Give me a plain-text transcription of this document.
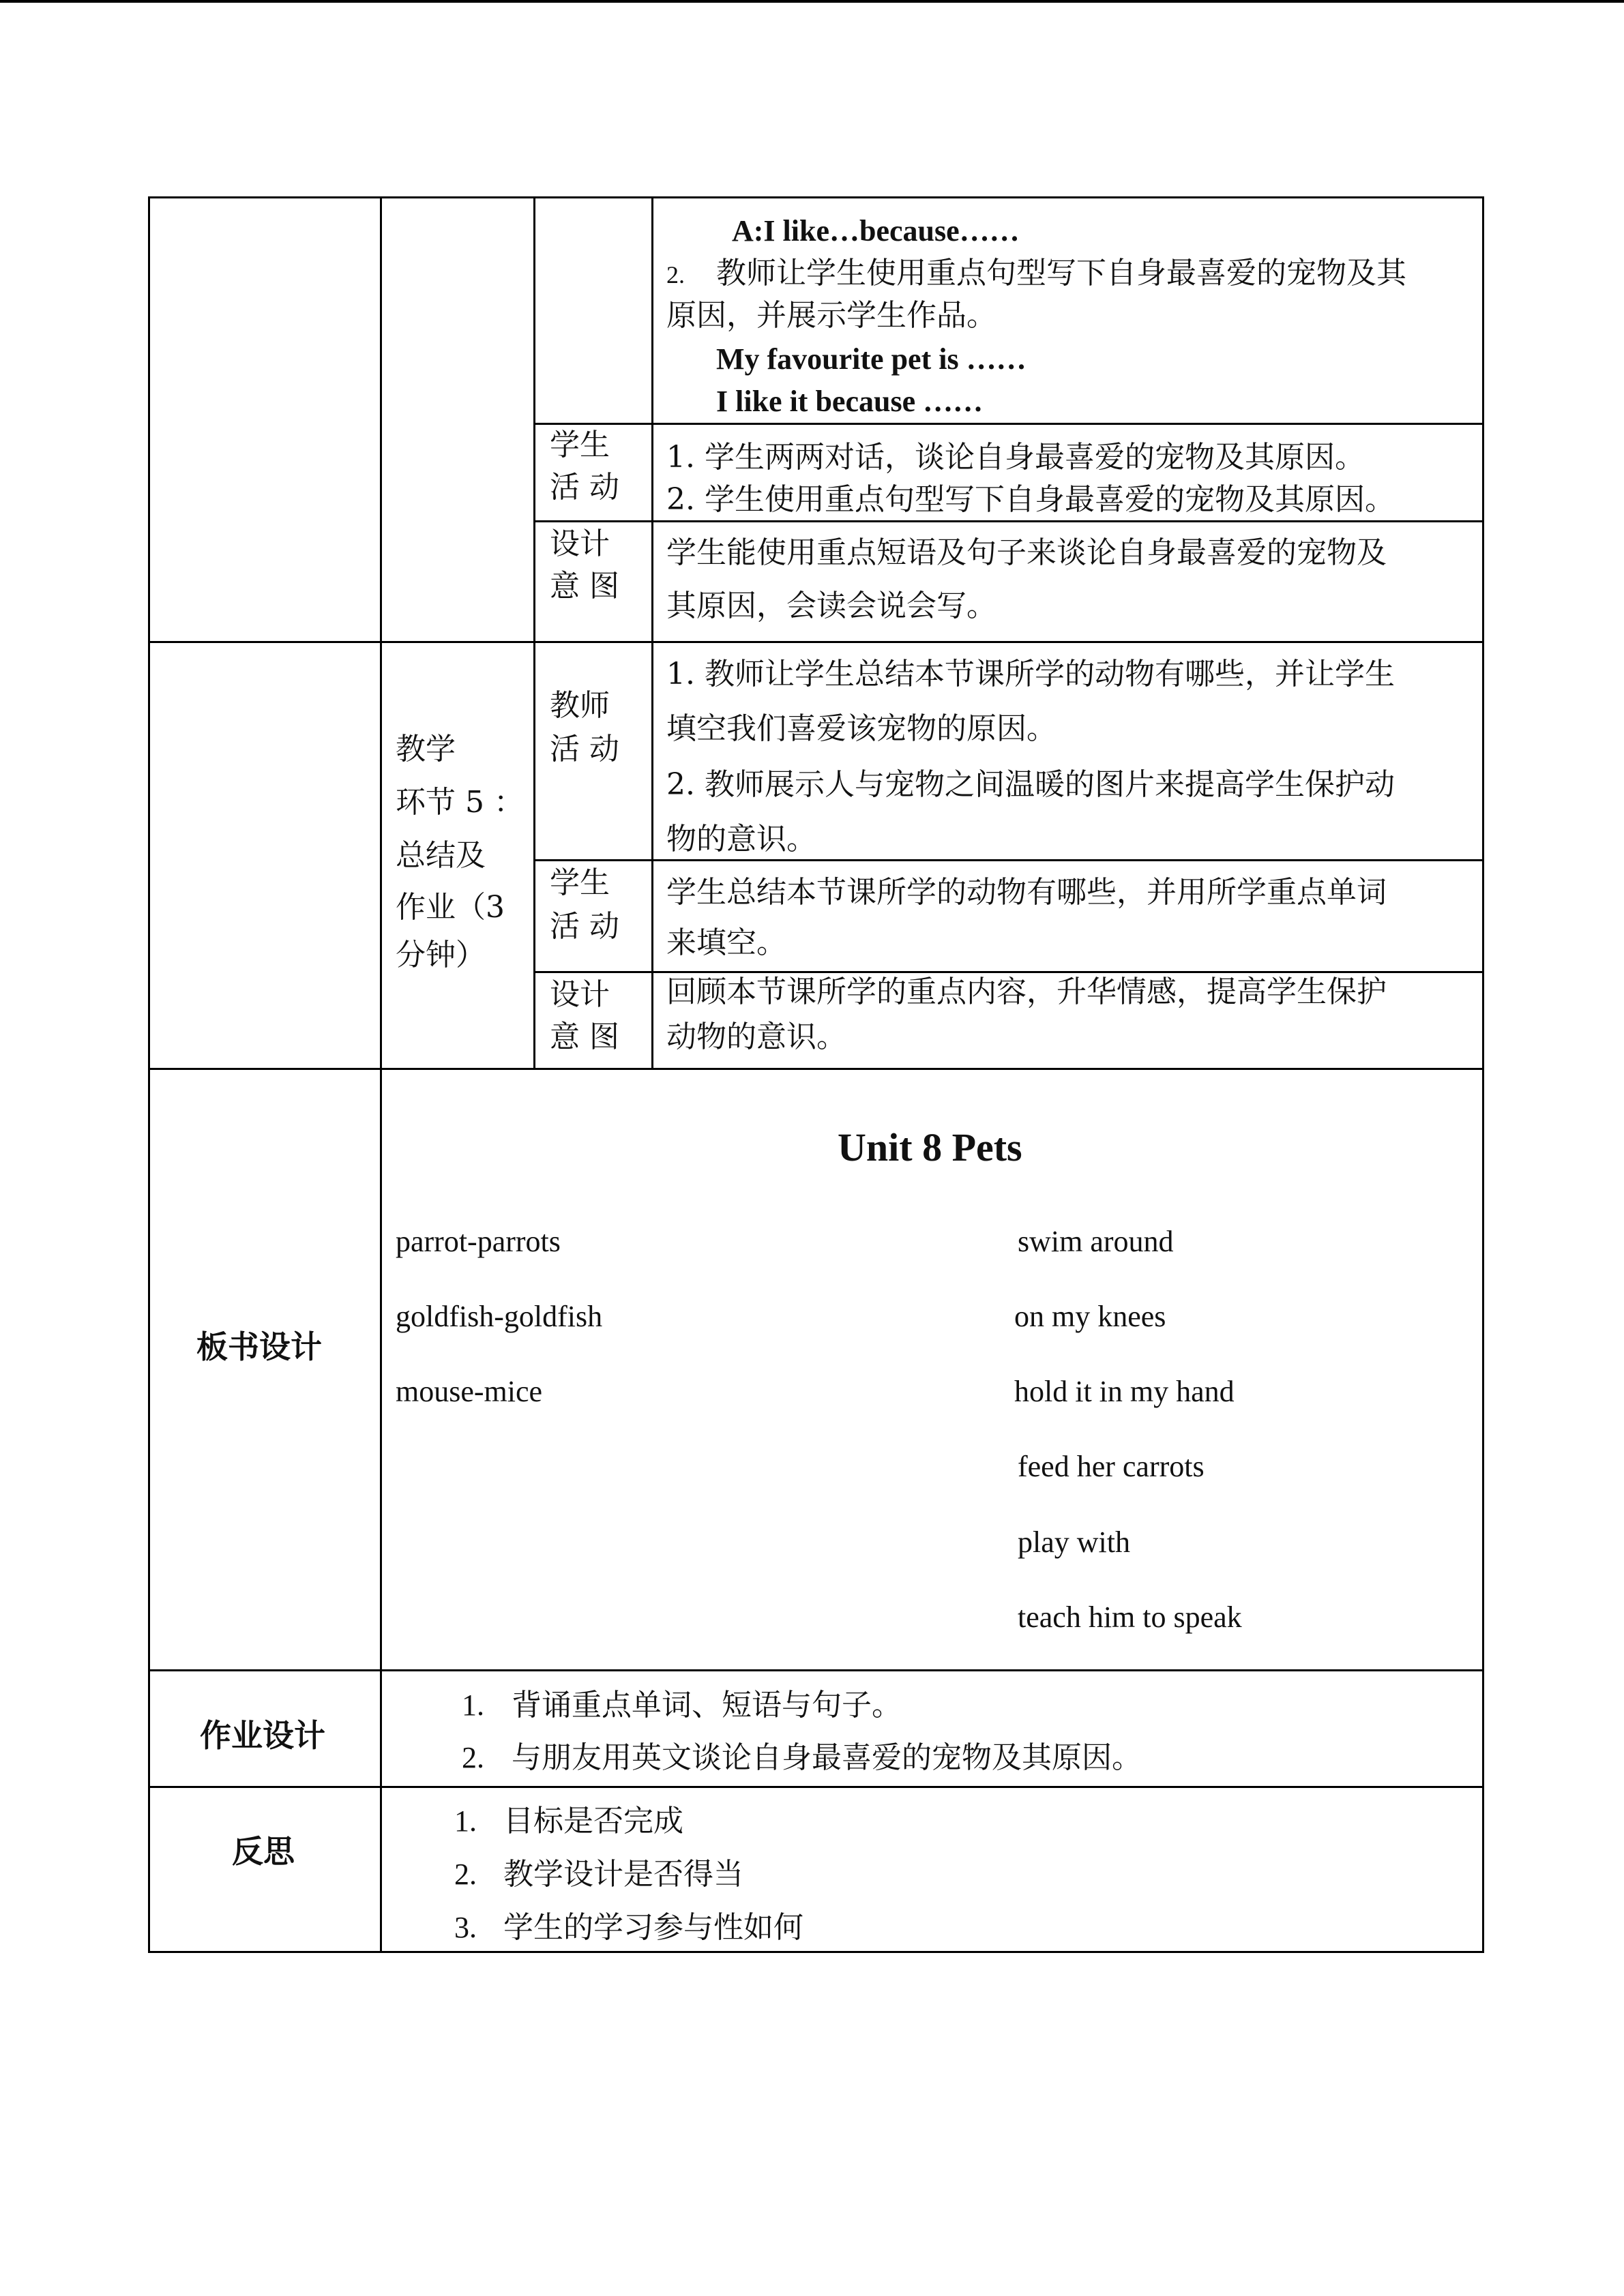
A:I like…because……
2. 教师让学生使用重点句型写下自身最喜爱的宠物及其
原因，并展示学生作品。
My favourite pet is ……
I like it because ……
学生
活 动
1. 学生两两对话，谈论自身最喜爱的宠物及其原因。
2. 学生使用重点句型写下自身最喜爱的宠物及其原因。
设计
意 图
学生能使用重点短语及句子来谈论自身最喜爱的宠物及
其原因，会读会说会写。
教学
环节 5 ：
总结及
作业（3
分钟）
教师
活 动
1. 教师让学生总结本节课所学的动物有哪些，并让学生
填空我们喜爱该宠物的原因。
2. 教师展示人与宠物之间温暖的图片来提高学生保护动
物的意识。
学生
活 动
学生总结本节课所学的动物有哪些，并用所学重点单词
来填空。
设计
意 图
回顾本节课所学的重点内容，升华情感，提高学生保护
动物的意识。
板书设计
Unit 8 Pets
parrot-parrots
goldfish-goldfish
mouse-mice
swim around
on my knees
hold it in my hand
feed her carrots
play with
teach him to speak
作业设计
1. 背诵重点单词、短语与句子。
2. 与朋友用英文谈论自身最喜爱的宠物及其原因。
反思
1. 目标是否完成
2. 教学设计是否得当
3. 学生的学习参与性如何
